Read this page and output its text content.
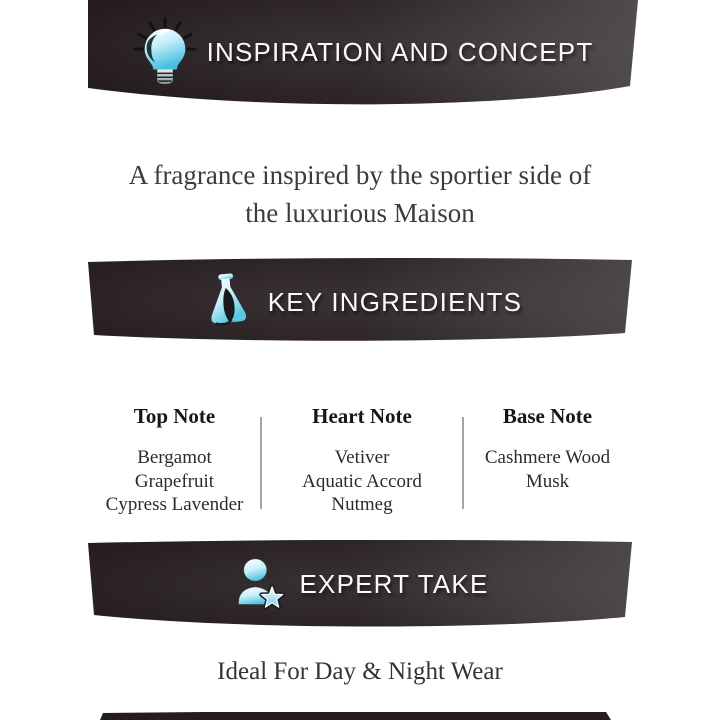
INSPIRATION AND CONCEPT
A fragrance inspired by the sportier side of
the luxurious Maison
KEY INGREDIENTS
Top Note
Bergamot
Grapefruit
Cypress Lavender
Heart Note
Vetiver
Aquatic Accord
Nutmeg
Base Note
Cashmere Wood
Musk
EXPERT TAKE
Ideal For Day & Night Wear
